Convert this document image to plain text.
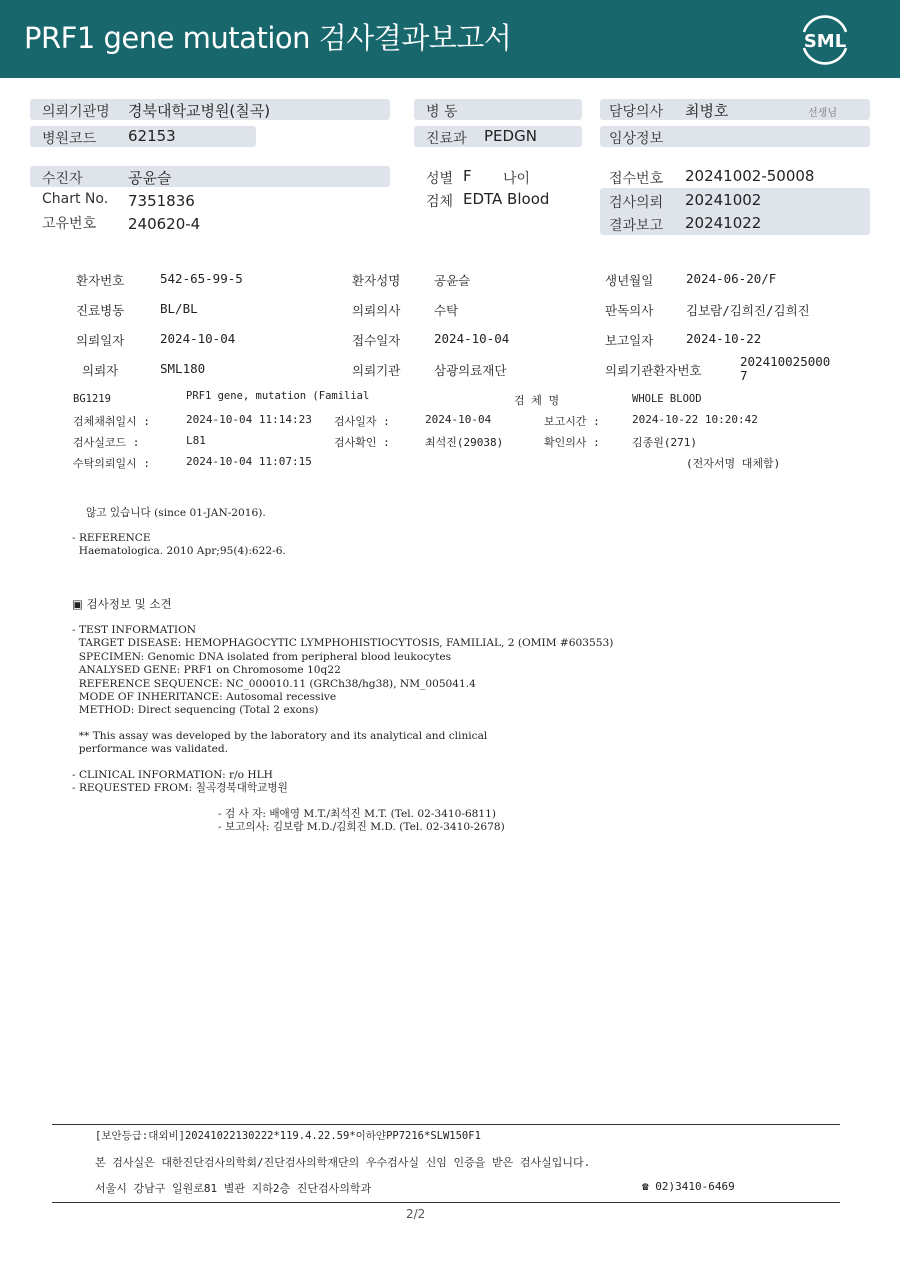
PRF1 gene mutation 검사결과보고서	SML
의뢰기관명 경북대학교병원(칠곡)
병원코드 62153
병 동
진료과 PEDGN
담당의사 최병호	선생님
임상정보
수진자	공윤슬
Chart No. 7351836
고유번호 240620-4
성별 F 나이
검체 EDTA Blood
접수번호 20241002-50008
검사의뢰 20241002
결과보고 20241022
환자번호	542-65-99-5	환자성명	공윤슬	생년월일	2024-06-20/F
진료병동	BL/BL	의뢰의사	수탁	판독의사	김보람/김희진/김희진
의뢰일자	2024-10-04	접수일자	2024-10-04	보고일자	2024-10-22
의뢰자	SML180	의뢰기관	삼광의료재단	의뢰기관환자번호
202410025000
7
BG1219	PRF1 gene, mutation (Familial	검 체 명	WHOLE BLOOD
검체채취일시 :	2024-10-04 11:14:23 검사일자 :	2024-10-04	보고시간 :	2024-10-22 10:20:42
검사실코드 :	L81	검사확인 :	최석진(29038)	확인의사 :	김종원(271)
수탁의뢰일시 :	2024-10-04 11:07:15	(전자서명 대체함)
않고 있습니다 (since 01-JAN-2016).
- REFERENCE
Haematologica. 2010 Apr;95(4):622-6.
▣ 검사정보 및 소견
- TEST INFORMATION
TARGET DISEASE: HEMOPHAGOCYTIC LYMPHOHISTIOCYTOSIS, FAMILIAL, 2 (OMIM #603553)
SPECIMEN: Genomic DNA isolated from peripheral blood leukocytes
ANALYSED GENE: PRF1 on Chromosome 10q22
REFERENCE SEQUENCE: NC_000010.11 (GRCh38/hg38), NM_005041.4
MODE OF INHERITANCE: Autosomal recessive
METHOD: Direct sequencing (Total 2 exons)
** This assay was developed by the laboratory and its analytical and clinical
performance was validated.
- CLINICAL INFORMATION: r/o HLH
- REQUESTED FROM: 칠곡경북대학교병원
- 검 사 자: 배애영 M.T./최석진 M.T. (Tel. 02-3410-6811)
- 보고의사: 김보람 M.D./김희진 M.D. (Tel. 02-3410-2678)
[보안등급:대외비]20241022130222*119.4.22.59*이하얀PP7216*SLW150F1
본 검사실은 대한진단검사의학회/진단검사의학재단의 우수검사실 신임 인증을 받은 검사실입니다.
서울시 강남구 일원로81 별관 지하2층 진단검사의학과	☎ 02)3410-6469
2/2
